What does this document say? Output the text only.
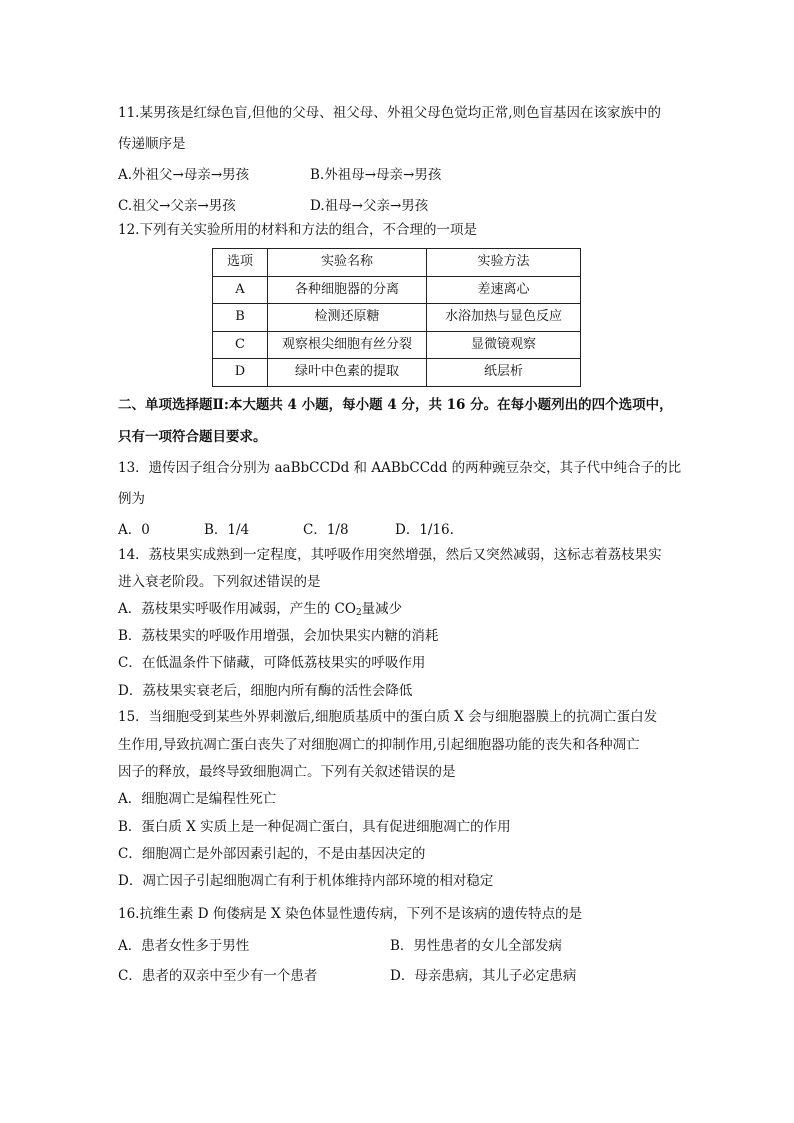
11.某男孩是红绿色盲,但他的父母、祖父母、外祖父母色觉均正常,则色盲基因在该家族中的
传递顺序是
A.外祖父→母亲→男孩	B.外祖母→母亲→男孩
C.祖父→父亲→男孩	D.祖母→父亲→男孩
12.下列有关实验所用的材料和方法的组合，不合理的一项是
选项	实验名称	实验方法
A	各种细胞器的分离	差速离心
B	检测还原糖	水浴加热与显色反应
C	观察根尖细胞有丝分裂	显微镜观察
D	绿叶中色素的提取	纸层析
二、单项选择题Ⅱ:本大题共 4 小题，每小题 4 分，共 16 分。在每小题列出的四个选项中，
只有一项符合题目要求。
13．遗传因子组合分别为 aaBbCCDd 和 AABbCCdd 的两种豌豆杂交，其子代中纯合子的比
例为
A．0	B．1/4	C．1/8	D．1/16.
14．荔枝果实成熟到一定程度，其呼吸作用突然增强，然后又突然减弱，这标志着荔枝果实
进入衰老阶段。下列叙述错误的是
A．荔枝果实呼吸作用减弱，产生的 $CO_2$量减少
B．荔枝果实的呼吸作用增强，会加快果实内糖的消耗
C．在低温条件下储藏，可降低荔枝果实的呼吸作用
D．荔枝果实衰老后，细胞内所有酶的活性会降低
15．当细胞受到某些外界刺激后,细胞质基质中的蛋白质 X 会与细胞器膜上的抗凋亡蛋白发
生作用,导致抗凋亡蛋白丧失了对细胞凋亡的抑制作用,引起细胞器功能的丧失和各种凋亡
因子的释放，最终导致细胞凋亡。下列有关叙述错误的是
A．细胞凋亡是编程性死亡
B．蛋白质 X 实质上是一种促凋亡蛋白，具有促进细胞凋亡的作用
C．细胞凋亡是外部因素引起的，不是由基因决定的
D．凋亡因子引起细胞凋亡有利于机体维持内部环境的相对稳定
16.抗维生素 D 佝偻病是 X 染色体显性遗传病，下列不是该病的遗传特点的是
A．患者女性多于男性	B．男性患者的女儿全部发病
C．患者的双亲中至少有一个患者	D．母亲患病，其儿子必定患病
